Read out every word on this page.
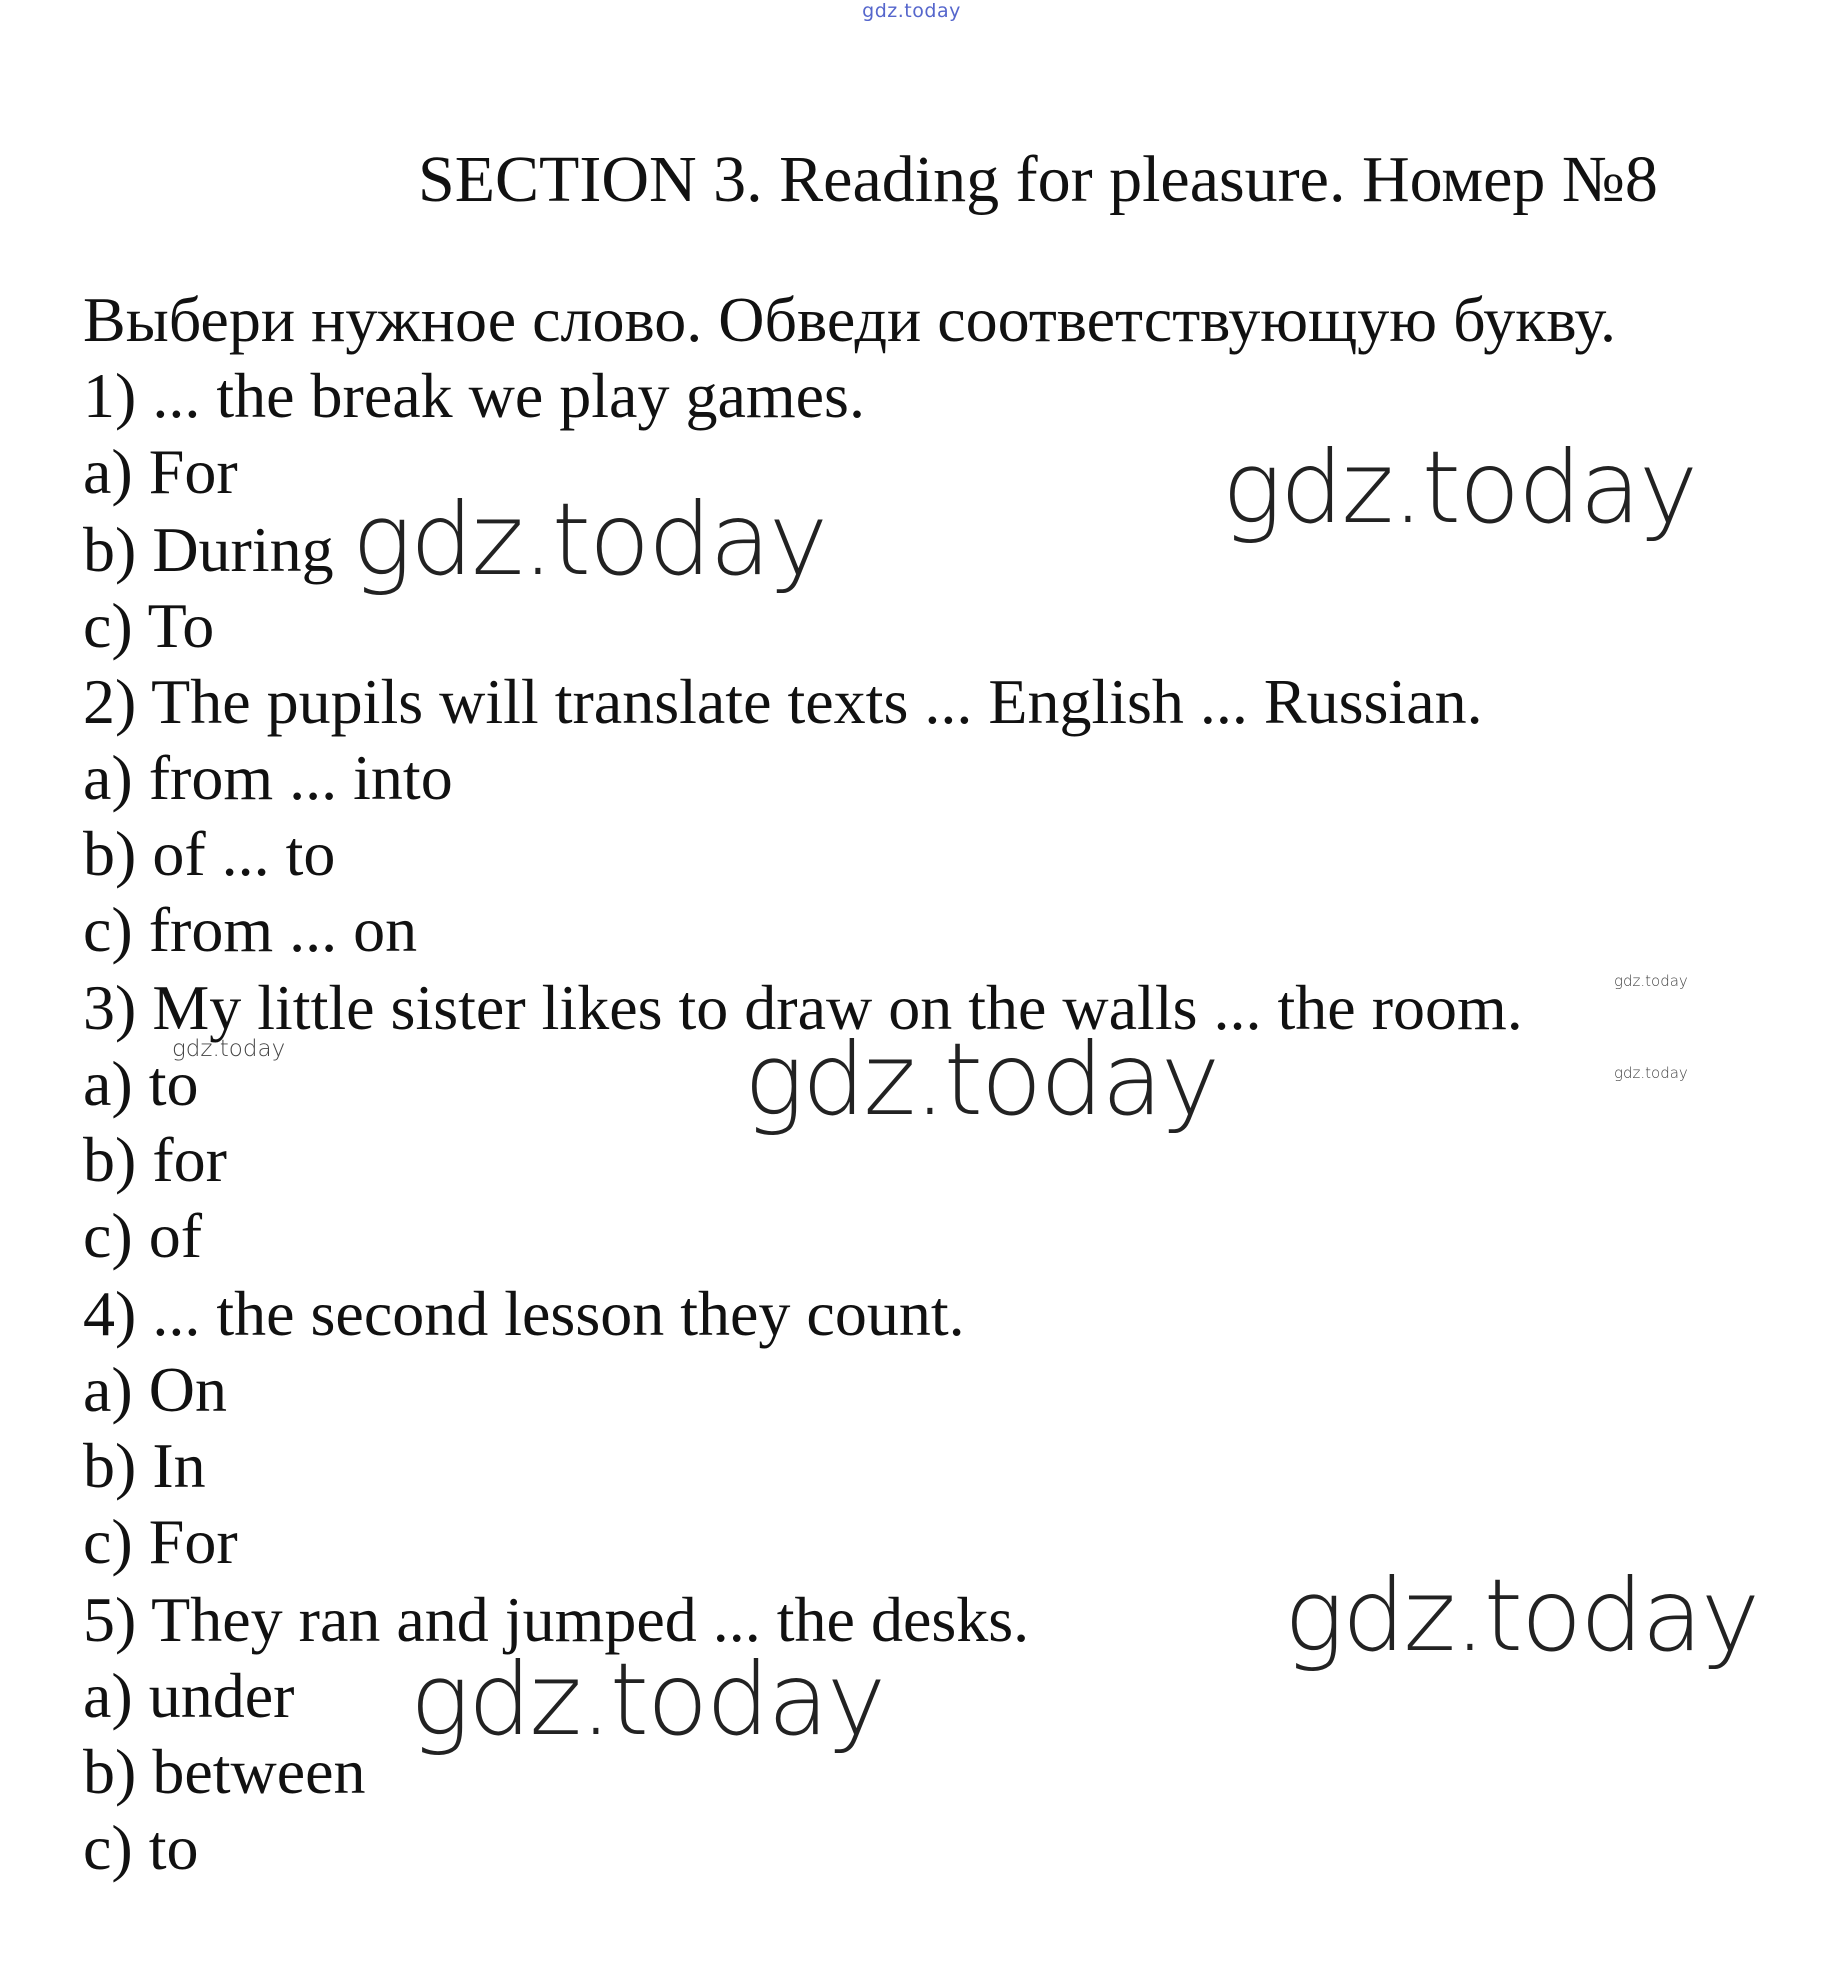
gdz.today
SECTION 3. Reading for pleasure. Номер №8
Выбери нужное слово. Обведи соответствующую букву.
1) ... the break we play games.
a) For
b) During
c) To
2) The pupils will translate texts ... English ... Russian.
a) from ... into
b) of ... to
c) from ... on
3) My little sister likes to draw on the walls ... the room.
a) to
b) for
c) of
4) ... the second lesson they count.
a) On
b) In
c) For
5) They ran and jumped ... the desks.
a) under
b) between
c) to
gdz.today
gdz.today
gdz.today
gdz.today
gdz.today
gdz.today
gdz.today
gdz.today
